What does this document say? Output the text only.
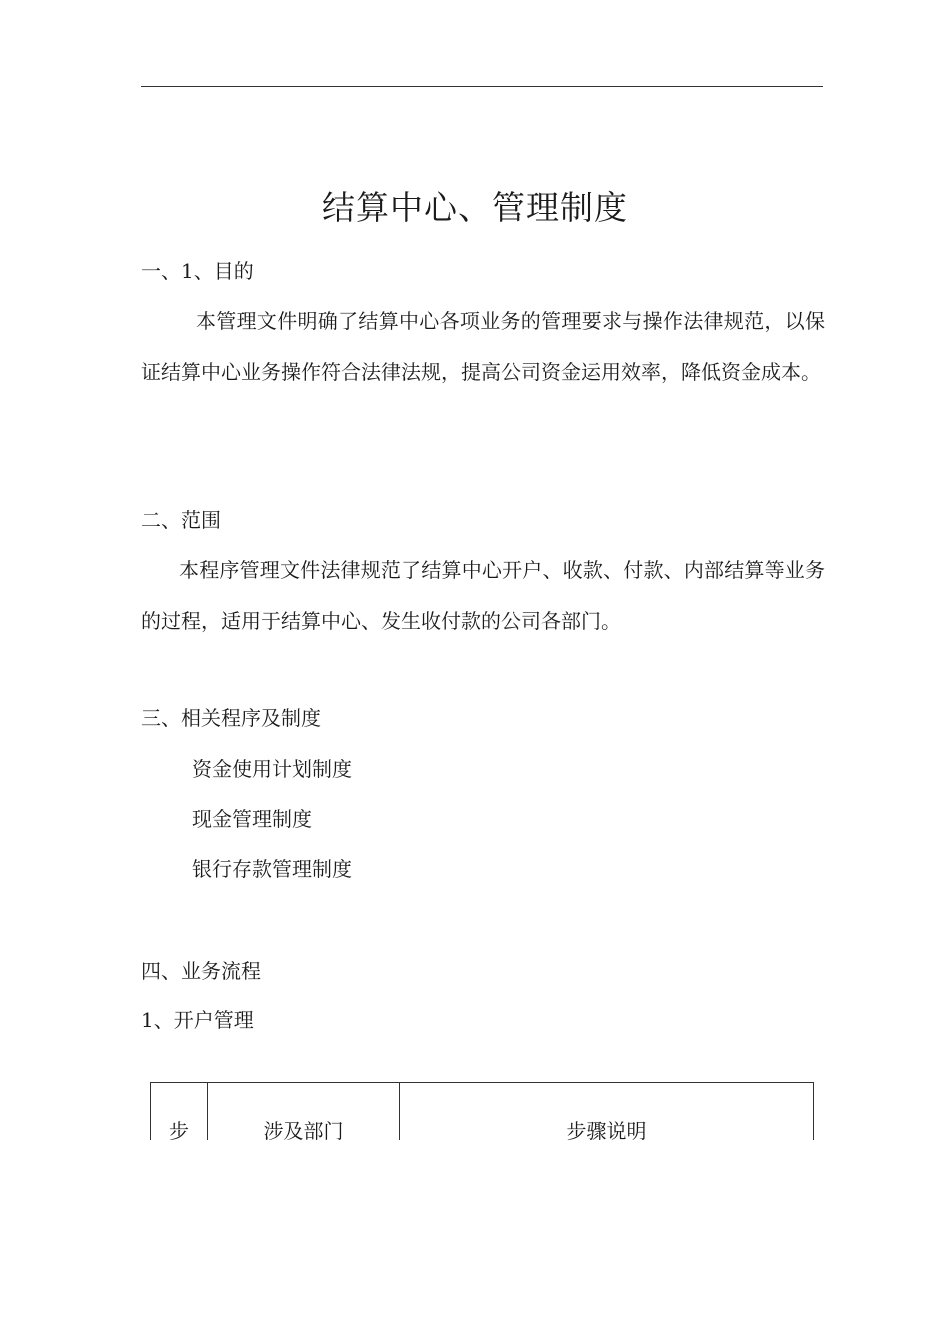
结算中心、管理制度
一、1、目的
本管理文件明确了结算中心各项业务的管理要求与操作法律规范，以保证结算中心业务操作符合法律法规，提高公司资金运用效率，降低资金成本。
二、范围
本程序管理文件法律规范了结算中心开户、收款、付款、内部结算等业务的过程，适用于结算中心、发生收付款的公司各部门。
三、相关程序及制度
资金使用计划制度
现金管理制度
银行存款管理制度
四、业务流程
1、开户管理
步	涉及部门	步骤说明
